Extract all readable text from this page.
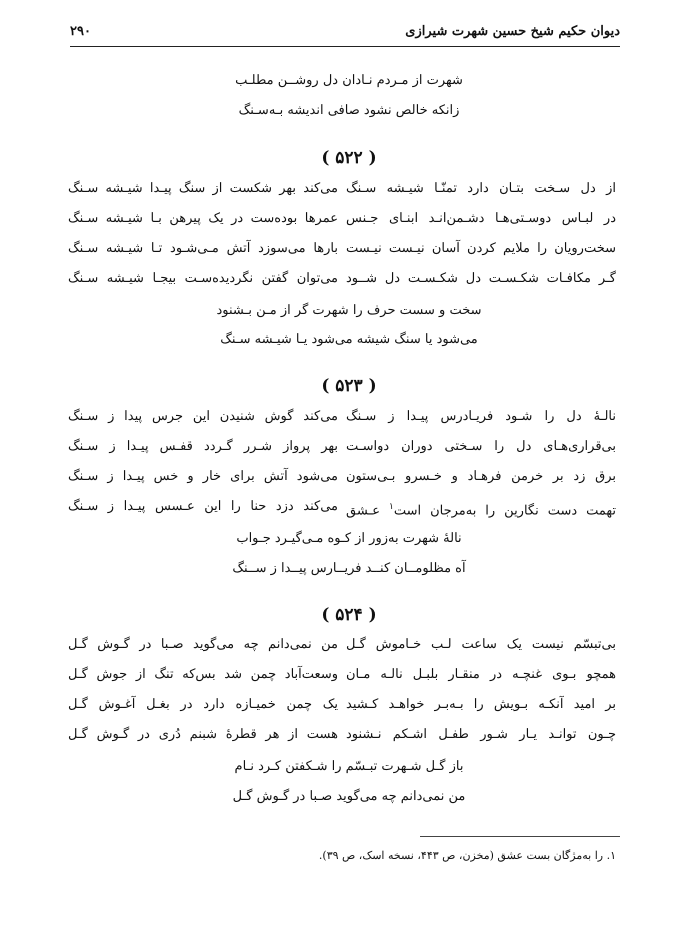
دیوان حکیم شیخ حسین شهرت شیرازی
۲۹۰
شهرت از مـردم نـادان دل روشــن مطلـب
زانکه خالص نشود صافی اندیشه بـه‌سـنگ
( ۵۲۲ )
از دل سـخت بتـان دارد تمنّـا شیـشه سـنگ
می‌کند بهر شکست از سنگ پیـدا شیـشه سـنگ
در لبـاس دوسـتی‌هـا دشـمن‌انـد ابنـای جـنس
عمرها بوده‌ست در یک پیرهن بـا شیـشه سـنگ
سخت‌رویان را ملایم کردن آسان نیـست نیـست
بارها می‌سوزد آتش مـی‌شـود تـا شیـشه سـنگ
گـر مکافـات شکـسـت دل شکـسـت دل شــود
می‌توان گفتن نگردیده‌سـت بیجـا شیـشه سـنگ
سخت و سست حرف را شهرت گر از مـن بـشنود
می‌شود یا سنگ شیشه می‌شود یـا شیـشه سـنگ
( ۵۲۳ )
نالـهٔ دل را شـود فریـادرس پیـدا ز سـنگ
می‌کند گوش شنیدن این جرس پیدا ز سـنگ
بی‌قراری‌هـای دل را سـختی دوران دواسـت
بهر پرواز شـرر گـردد قفـس پیـدا ز سـنگ
برق زد بر خرمن فرهـاد و خـسرو بـی‌ستون
می‌شود آتش برای خار و خس پیـدا ز سـنگ
تهمت دست نگارین را به‌مرجان است$^۱$ عـشق
می‌کند دزد حنا را این عـسس پیـدا ز سـنگ
نالهٔ شهرت به‌زور از کـوه مـی‌گیـرد جـواب
آه مظلومــان کنــد فریــارس پیــدا ز ســنگ
( ۵۲۴ )
بی‌تبسّم نیست یک ساعت لـب خـاموش گـل
من نمی‌دانم چه می‌گوید صـبا در گـوش گـل
همچو بـوی غنچـه در منقـار بلبـل نالـه مـان
وسعت‌آباد چمن شد بس‌که تنگ از جوش گـل
بر امید آنکـه بـویش را بـه‌بـر خواهـد کـشید
یک چمن خمیـازه دارد در بغـل آغـوش گـل
چـون توانـد یـار شـور طفـل اشـکم نـشنود
هست از هر قطرهٔ شبنم دُری در گـوش گـل
باز گـل شـهرت تبـسّم را شـکفتن کـرد نـام
من نمی‌دانم چه می‌گوید صـبا در گـوش گـل
۱. را به‌مژگان بست عشق (مخزن، ص ۴۴۳، نسخه اسک، ص ۳۹).
